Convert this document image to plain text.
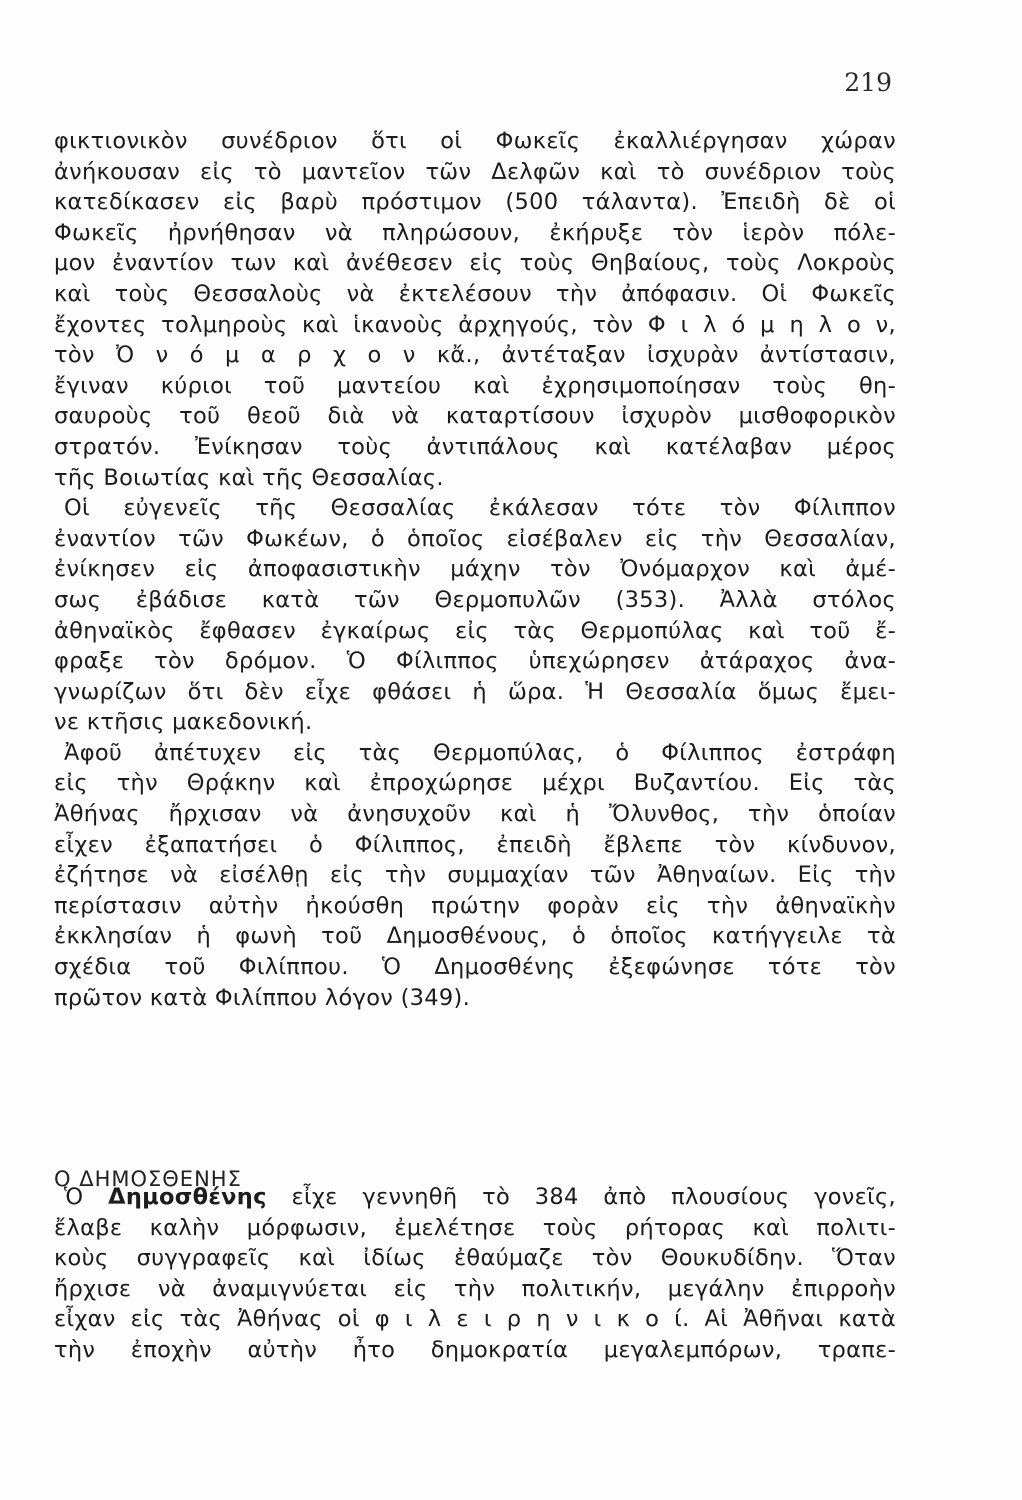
219
φικτιονικὸν συνέδριον ὅτι οἱ Φωκεῖς ἐκαλλιέργησαν χώραν
ἀνήκουσαν εἰς τὸ μαντεῖον τῶν Δελφῶν καὶ τὸ συνέδριον τοὺς
κατεδίκασεν εἰς βαρὺ πρόστιμον (500 τάλαντα). Ἐπειδὴ δὲ οἱ
Φωκεῖς ἠρνήθησαν νὰ πληρώσουν, ἐκήρυξε τὸν ἱερὸν πόλε-
μον ἐναντίον των καὶ ἀνέθεσεν εἰς τοὺς Θηβαίους, τοὺς Λοκροὺς
καὶ τοὺς Θεσσαλοὺς νὰ ἐκτελέσουν τὴν ἀπόφασιν. Οἱ Φωκεῖς
ἔχοντες τολμηροὺς καὶ ἱκανοὺς ἀρχηγούς, τὸν Φ ι λ ό μ η λ ο ν,
τὸν Ὀ ν ό μ α ρ χ ο ν κἄ., ἀντέταξαν ἰσχυρὰν ἀντίστασιν,
ἔγιναν κύριοι τοῦ μαντείου καὶ ἐχρησιμοποίησαν τοὺς θη-
σαυροὺς τοῦ θεοῦ διὰ νὰ καταρτίσουν ἰσχυρὸν μισθοφορικὸν
στρατόν. Ἐνίκησαν τοὺς ἀντιπάλους καὶ κατέλαβαν μέρος
τῆς Βοιωτίας καὶ τῆς Θεσσαλίας.
Οἱ εὐγενεῖς τῆς Θεσσαλίας ἐκάλεσαν τότε τὸν Φίλιππον
ἐναντίον τῶν Φωκέων, ὁ ὁποῖος εἰσέβαλεν εἰς τὴν Θεσσαλίαν,
ἐνίκησεν εἰς ἀποφασιστικὴν μάχην τὸν Ὀνόμαρχον καὶ ἀμέ-
σως ἐβάδισε κατὰ τῶν Θερμοπυλῶν (353). Ἀλλὰ στόλος
ἀθηναϊκὸς ἔφθασεν ἐγκαίρως εἰς τὰς Θερμοπύλας καὶ τοῦ ἔ-
φραξε τὸν δρόμον. Ὁ Φίλιππος ὑπεχώρησεν ἀτάραχος ἀνα-
γνωρίζων ὅτι δὲν εἶχε φθάσει ἡ ὥρα. Ἡ Θεσσαλία ὅμως ἔμει-
νε κτῆσις μακεδονική.
Ἀφοῦ ἀπέτυχεν εἰς τὰς Θερμοπύλας, ὁ Φίλιππος ἐστράφη
εἰς τὴν Θρᾴκην καὶ ἐπροχώρησε μέχρι Βυζαντίου. Εἰς τὰς
Ἀθήνας ἤρχισαν νὰ ἀνησυχοῦν καὶ ἡ Ὄλυνθος, τὴν ὁποίαν
εἶχεν ἐξαπατήσει ὁ Φίλιππος, ἐπειδὴ ἔβλεπε τὸν κίνδυνον,
ἐζήτησε νὰ εἰσέλθῃ εἰς τὴν συμμαχίαν τῶν Ἀθηναίων. Εἰς τὴν
περίστασιν αὐτὴν ἠκούσθη πρώτην φορὰν εἰς τὴν ἀθηναϊκὴν
ἐκκλησίαν ἡ φωνὴ τοῦ Δημοσθένους, ὁ ὁποῖος κατήγγειλε τὰ
σχέδια τοῦ Φιλίππου. Ὁ Δημοσθένης ἐξεφώνησε τότε τὸν
πρῶτον κατὰ Φιλίππου λόγον (349).
Ο ΔΗΜΟΣΘΕΝΗΣ
Ὁ Δημοσθένης εἶχε γεννηθῆ τὸ 384 ἀπὸ πλουσίους γονεῖς,
ἔλαβε καλὴν μόρφωσιν, ἐμελέτησε τοὺς ρήτορας καὶ πολιτι-
κοὺς συγγραφεῖς καὶ ἰδίως ἐθαύμαζε τὸν Θουκυδίδην. Ὅταν
ἤρχισε νὰ ἀναμιγνύεται εἰς τὴν πολιτικήν, μεγάλην ἐπιρροὴν
εἶχαν εἰς τὰς Ἀθήνας οἱ φ ι λ ε ι ρ η ν ι κ ο ί. Αἱ Ἀθῆναι κατὰ
τὴν ἐποχὴν αὐτὴν ἦτο δημοκρατία μεγαλεμπόρων, τραπε-
